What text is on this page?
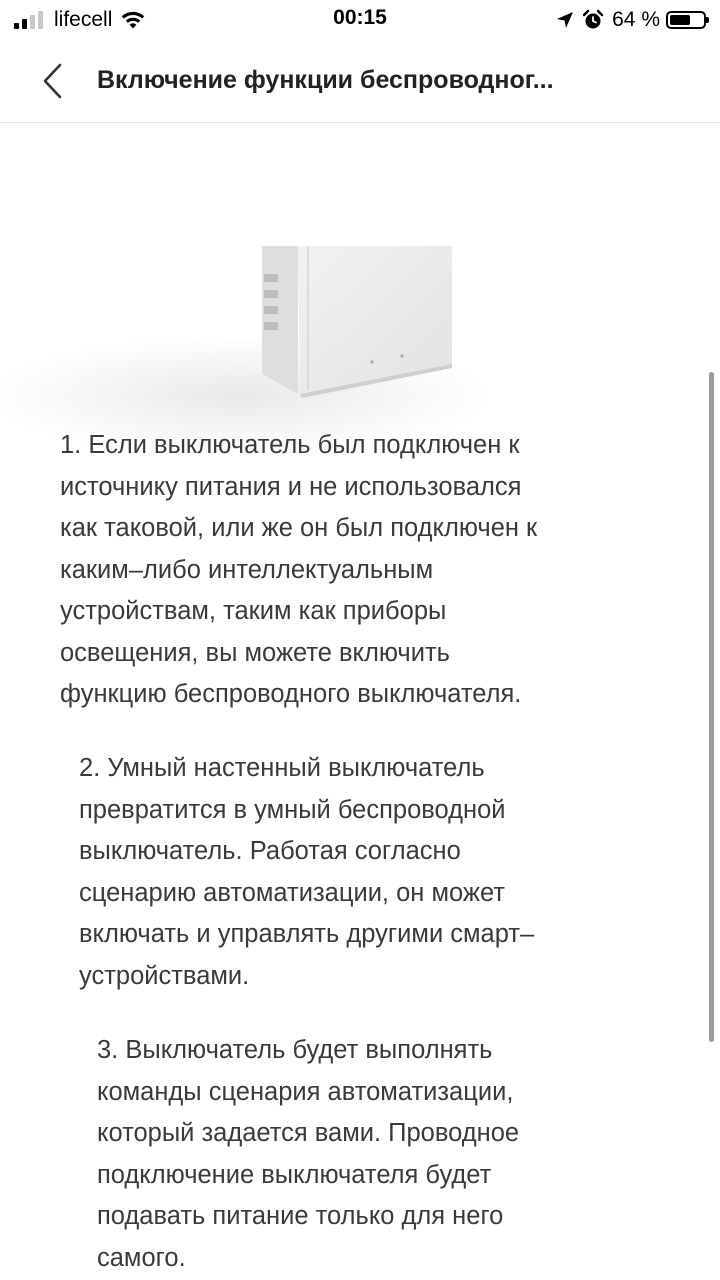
lifecell	00:15	64 %
Включение функции беспроводног...
1. Если выключатель был подключен к
источнику питания и не использовался
как таковой, или же он был подключен к
каким–либо интеллектуальным
устройствам, таким как приборы
освещения, вы можете включить
функцию беспроводного выключателя.
2. Умный настенный выключатель
превратится в умный беспроводной
выключатель. Работая согласно
сценарию автоматизации, он может
включать и управлять другими смарт–
устройствами.
3. Выключатель будет выполнять
команды сценария автоматизации,
который задается вами. Проводное
подключение выключателя будет
подавать питание только для него
самого.
